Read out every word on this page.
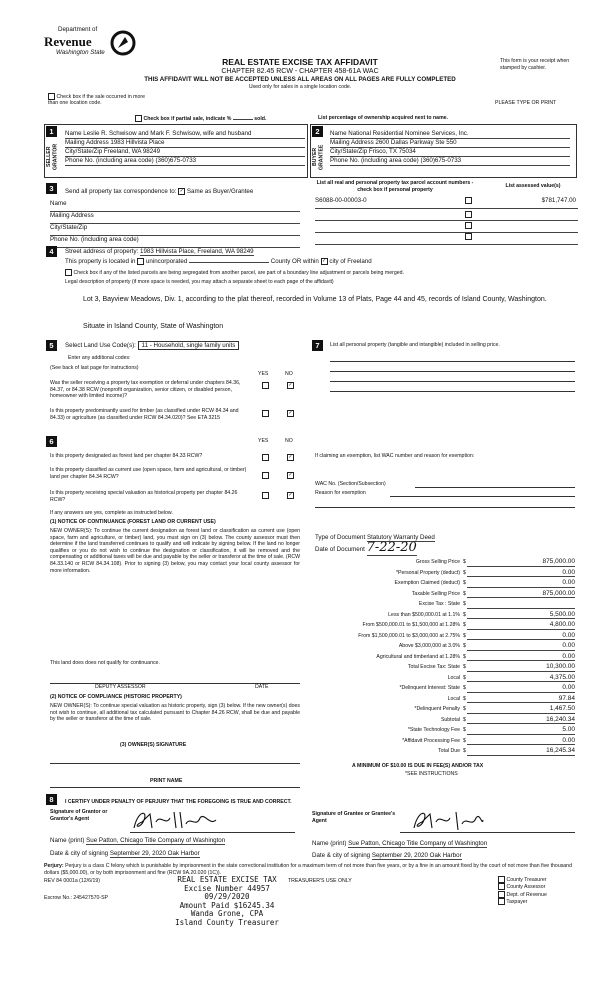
Department of
Revenue
Washington State
REAL ESTATE EXCISE TAX AFFIDAVIT
CHAPTER 82.45 RCW - CHAPTER 458-61A WAC
THIS AFFIDAVIT WILL NOT BE ACCEPTED UNLESS ALL AREAS ON ALL PAGES ARE FULLY COMPLETED
Used only for sales in a single location code.
This form is your receipt when stamped by cashier.
Check box if the sale occurred in more than one location code.
Check box if partial sale, indicate %	sold.	List percentage of ownership acquired next to name.
PLEASE TYPE OR PRINT
1	2
SELLER GRANTOR	BUYER GRANTEE
Name Leslie R. Schwisow and Mark F. Schwisow, wife and husband
Mailing Address 1983 Hillvista Place
City/State/Zip Freeland, WA 98249
Phone No. (including area code) (360)675-0733
Name National Residential Nominee Services, Inc.
Mailing Address 2600 Dallas Parkway Ste 550
City/State/Zip Frisco, TX 75034
Phone No. (including area code) (360)675-0733
3	Send all property tax correspondence to: ✓ Same as Buyer/Grantee
Name
Mailing Address
City/State/Zip
Phone No. (including area code)
List all real and personal property tax parcel account numbers - check box if personal property
List assessed value(s)
S6088-00-00003-0	$781,747.00
4	Street address of property: 1983 Hillvista Place, Freeland, WA 98249
This property is located in unincorporated	County OR within ✓ city of Freeland
Check box if any of the listed parcels are being segregated from another parcel, are part of a boundary line adjustment or parcels being merged.
Legal description of property (if more space is needed, you may attach a separate sheet to each page of the affidavit)
Lot 3, Bayview Meadows, Div. 1, according to the plat thereof, recorded in Volume 13 of Plats, Page 44 and 45, records of Island County, Washington.
Situate in Island County, State of Washington
5	Select Land Use Code(s): 11 - Household, single family units
Enter any additional codes:
(See back of last page for instructions)
YES	NO
Was the seller receiving a property tax exemption or deferral under chapters 84.36, 84.37, or 84.38 RCW (nonprofit organization, senior citizen, or disabled person, homeowner with limited income)?
✓
Is this property predominantly used for timber (as classified under RCW 84.34 and 84.33) or agriculture (as classified under RCW 84.34.020)? See ETA 3215
✓
6	YES	NO
Is this property designated as forest land per chapter 84.33 RCW?	✓
Is this property classified as current use (open space, farm and agricultural, or timber) land per chapter 84.34 RCW?	✓
Is this property receiving special valuation as historical property per chapter 84.26 RCW?
✓
If any answers are yes, complete as instructed below.
(1) NOTICE OF CONTINUANCE (FOREST LAND OR CURRENT USE)
NEW OWNER(S): To continue the current designation as forest land or classification as current use (open space, farm and agriculture, or timber) land, you must sign on (3) below. The county assessor must then determine if the land transferred continues to qualify and will indicate by signing below. If the land no longer qualifies or you do not wish to continue the designation or classification, it will be removed and the compensating or additional taxes will be due and payable by the seller or transferor at the time of sale. (RCW 84.33.140 or RCW 84.34.108). Prior to signing (3) below, you may contact your local county assessor for more information.
This land does does not qualify for continuance.
DEPUTY ASSESSOR	DATE
(2) NOTICE OF COMPLIANCE (HISTORIC PROPERTY)
NEW OWNER(S): To continue special valuation as historic property, sign (3) below. If the new owner(s) does not wish to continue, all additional tax calculated pursuant to Chapter 84.26 RCW, shall be due and payable by the seller or transferor at the time of sale.
(3) OWNER(S) SIGNATURE
PRINT NAME
7	List all personal property (tangible and intangible) included in selling price.
If claiming an exemption, list WAC number and reason for exemption:
WAC No. (Section/Subsection)
Reason for exemption
Type of Document Statutory Warranty Deed
Date of Document 7-22-20
Gross Selling Price $	875,000.00
*Personal Property (deduct) $	0.00
Exemption Claimed (deduct) $	0.00
Taxable Selling Price $	875,000.00
Excise Tax : State $
Less than $500,000.01 at 1.1% $	5,500.00
From $500,000.01 to $1,500,000 at 1.28% $	4,800.00
From $1,500,000.01 to $3,000,000 at 2.75% $	0.00
Above $3,000,000 at 3.0% $	0.00
Agricultural and timberland at 1.28% $	0.00
Total Excise Tax: State $	10,300.00
Local $	4,375.00
*Delinquent Interest: State $	0.00
Local $	97.84
*Delinquent Penalty $	1,467.50
Subtotal $	16,240.34
*State Technology Fee $	5.00
*Affidavit Processing Fee $	0.00
Total Due $	16,245.34
A MINIMUM OF $10.00 IS DUE IN FEE(S) AND/OR TAX
*SEE INSTRUCTIONS
8	I CERTIFY UNDER PENALTY OF PERJURY THAT THE FOREGOING IS TRUE AND CORRECT.
Signature of Grantor or Grantor's Agent
Name (print) Sue Patton, Chicago Title Company of Washington
Date & city of signing September 29, 2020 Oak Harbor
Signature of Grantee or Grantee's Agent
Name (print) Sue Patton, Chicago Title Company of Washington
Date & city of signing September 29, 2020 Oak Harbor
Perjury: Perjury is a class C felony which is punishable by imprisonment in the state correctional institution for a maximum term of not more than five years, or by a fine in an amount fixed by the court of not more than five thousand dollars ($5,000.00), or by both imprisonment and fine (RCW 9A.20.020 (1C)).
REV 84 0001a (12/6/19)
Escrow No.: 245427570-SP
REAL ESTATE EXCISE TAX
Excise Number 44957
09/29/2020
Amount Paid $16245.34
Wanda Grone, CPA
Island County Treasurer
TREASURER'S USE ONLY	County Treasurer
County Assessor
Dept. of Revenue
Taxpayer
